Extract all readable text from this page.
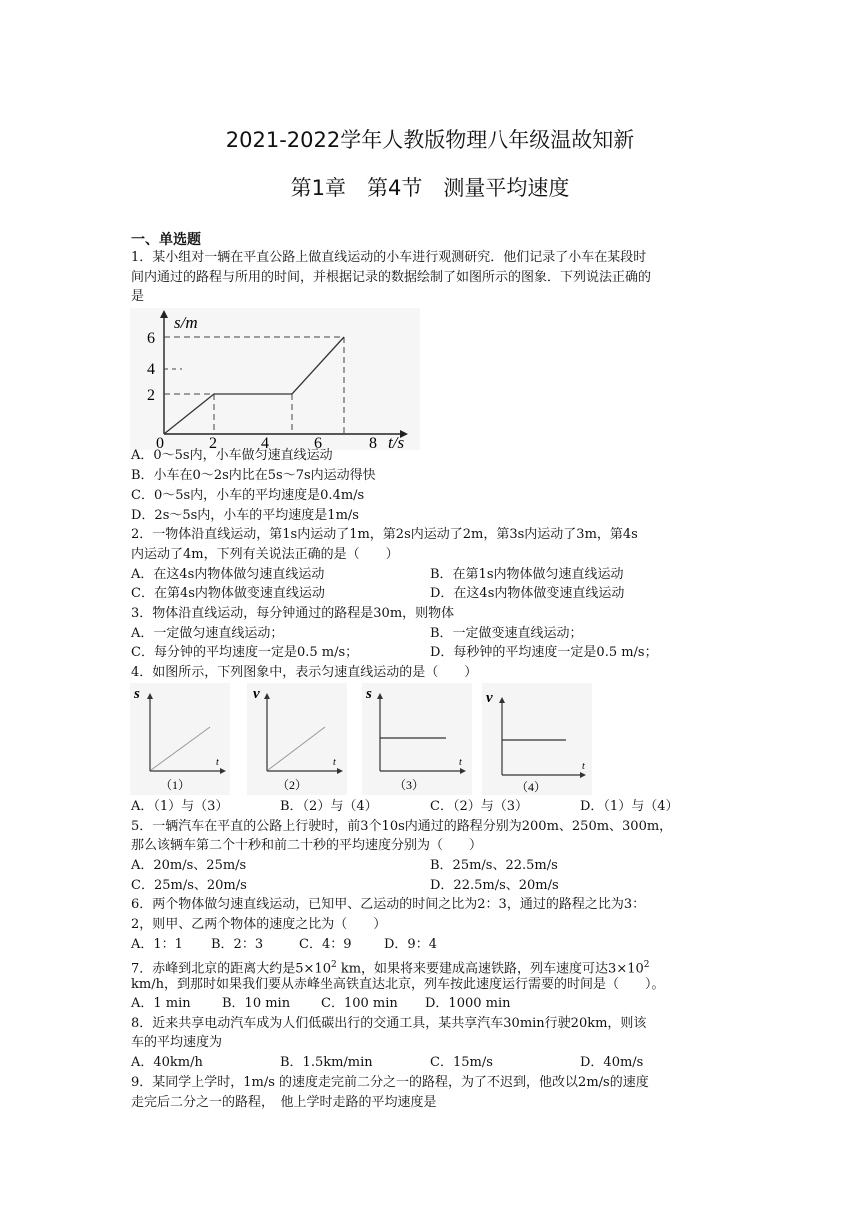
2021-2022学年人教版物理八年级温故知新
第1章　第4节　测量平均速度
一、单选题
1．某小组对一辆在平直公路上做直线运动的小车进行观测研究．他们记录了小车在某段时
间内通过的路程与所用的时间，并根据记录的数据绘制了如图所示的图象．下列说法正确的
是
s/m
6
4
2
0	2	4	6	8 t/s
A．0～5s内，小车做匀速直线运动
B．小车在0～2s内比在5s～7s内运动得快
C．0～5s内，小车的平均速度是0.4m/s
D．2s～5s内，小车的平均速度是1m/s
2．一物体沿直线运动，第1s内运动了1m，第2s内运动了2m，第3s内运动了3m，第4s
内运动了4m，下列有关说法正确的是（　　）
A．在这4s内物体做匀速直线运动	B．在第1s内物体做匀速直线运动
C．在第4s内物体做变速直线运动	D．在这4s内物体做变速直线运动
3．物体沿直线运动，每分钟通过的路程是30m，则物体
A．一定做匀速直线运动；	B．一定做变速直线运动；
C．每分钟的平均速度一定是0.5 m/s；	D．每秒钟的平均速度一定是0.5 m/s；
4．如图所示，下列图象中，表示匀速直线运动的是（　　）
s
t
（1）
v
t
（2）
s
t
（3）
v
t
（4）
A．（1）与（3）	B．（2）与（4）	C．（2）与（3）	D．（1）与（4）
5．一辆汽车在平直的公路上行驶时，前3个10s内通过的路程分别为200m、250m、300m，
那么该辆车第二个十秒和前二十秒的平均速度分别为（　　）
A．20m/s、25m/s	B．25m/s、22.5m/s
C．25m/s、20m/s	D．22.5m/s、20m/s
6．两个物体做匀速直线运动，已知甲、乙运动的时间之比为2：3，通过的路程之比为3：
2，则甲、乙两个物体的速度之比为（　　）
A．1：1 B．2：3	C．4：9	D．9：4
7．赤峰到北京的距离大约是$5\times 10^2$ km，如果将来要建成高速铁路，列车速度可达$3\times 10^2$
km/h，到那时如果我们要从赤峰坐高铁直达北京，列车按此速度运行需要的时间是（　　）。
A．1 min B．10 min C．100 min D．1000 min
8．近来共享电动汽车成为人们低碳出行的交通工具，某共享汽车30min行驶20km，则该
车的平均速度为
A．40km/h	B．1.5km/min	C．15m/s	D．40m/s
9．某同学上学时，1m/s 的速度走完前二分之一的路程，为了不迟到，他改以2m/s的速度
走完后二分之一的路程，　他上学时走路的平均速度是
